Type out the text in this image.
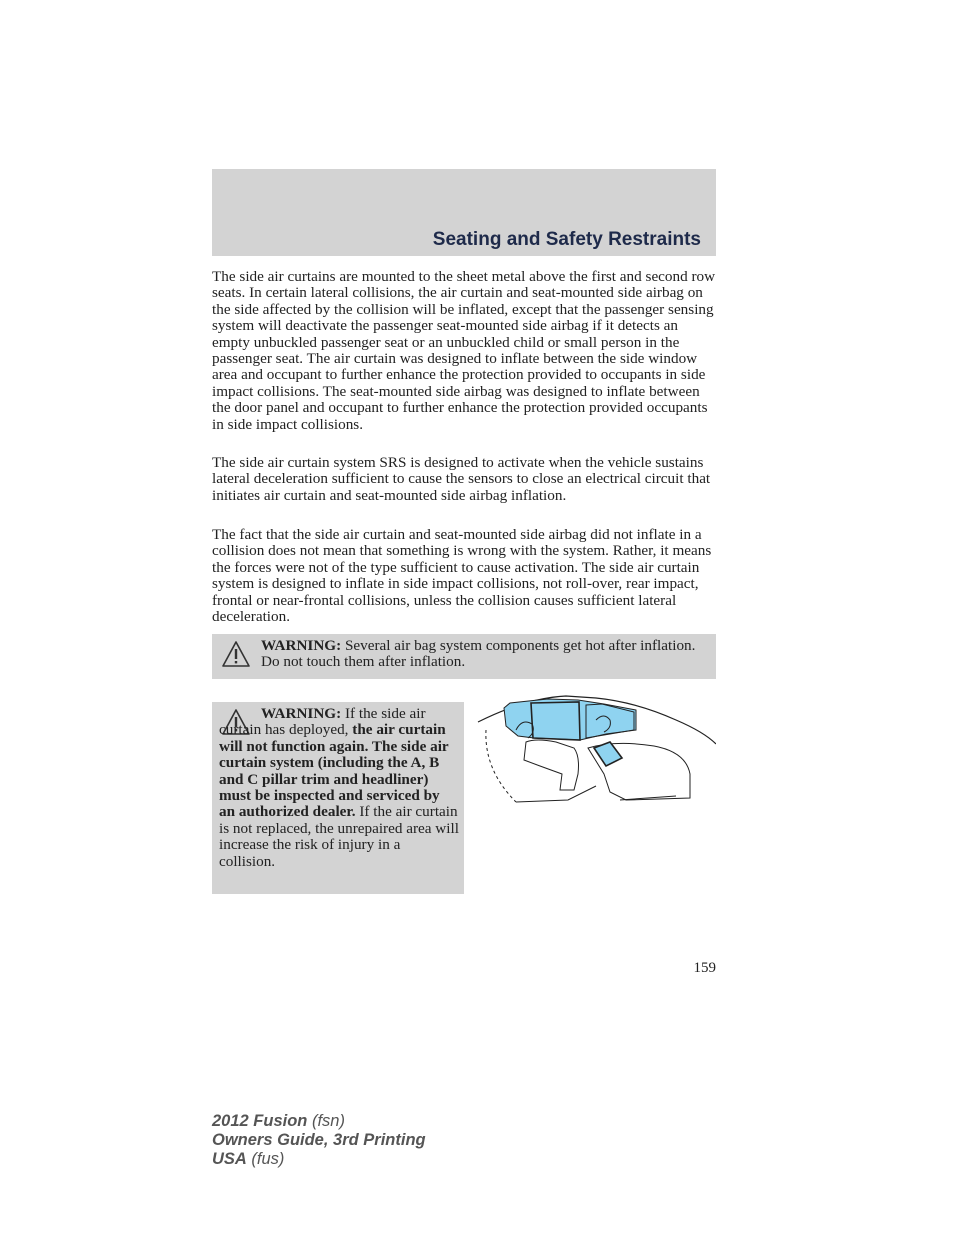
Seating and Safety Restraints

The side air curtains are mounted to the sheet metal above the first and second row seats. In certain lateral collisions, the air curtain and seat-mounted side airbag on the side affected by the collision will be inflated, except that the passenger sensing system will deactivate the passenger seat-mounted side airbag if it detects an empty unbuckled passenger seat or an unbuckled child or small person in the passenger seat. The air curtain was designed to inflate between the side window area and occupant to further enhance the protection provided to occupants in side impact collisions. The seat-mounted side airbag was designed to inflate between the door panel and occupant to further enhance the protection provided occupants in side impact collisions.

The side air curtain system SRS is designed to activate when the vehicle sustains lateral deceleration sufficient to cause the sensors to close an electrical circuit that initiates air curtain and seat-mounted side airbag inflation.

The fact that the side air curtain and seat-mounted side airbag did not inflate in a collision does not mean that something is wrong with the system. Rather, it means the forces were not of the type sufficient to cause activation. The side air curtain system is designed to inflate in side impact collisions, not roll-over, rear impact, frontal or near-frontal collisions, unless the collision causes sufficient lateral deceleration.

WARNING: Several air bag system components get hot after inflation. Do not touch them after inflation.
WARNING: If the side air curtain has deployed, the air curtain will not function again. The side air curtain system (including the A, B and C pillar trim and headliner) must be inspected and serviced by an authorized dealer. If the air curtain is not replaced, the unrepaired area will increase the risk of injury in a collision.
159
2012 Fusion (fsn)
Owners Guide, 3rd Printing
USA (fus)
